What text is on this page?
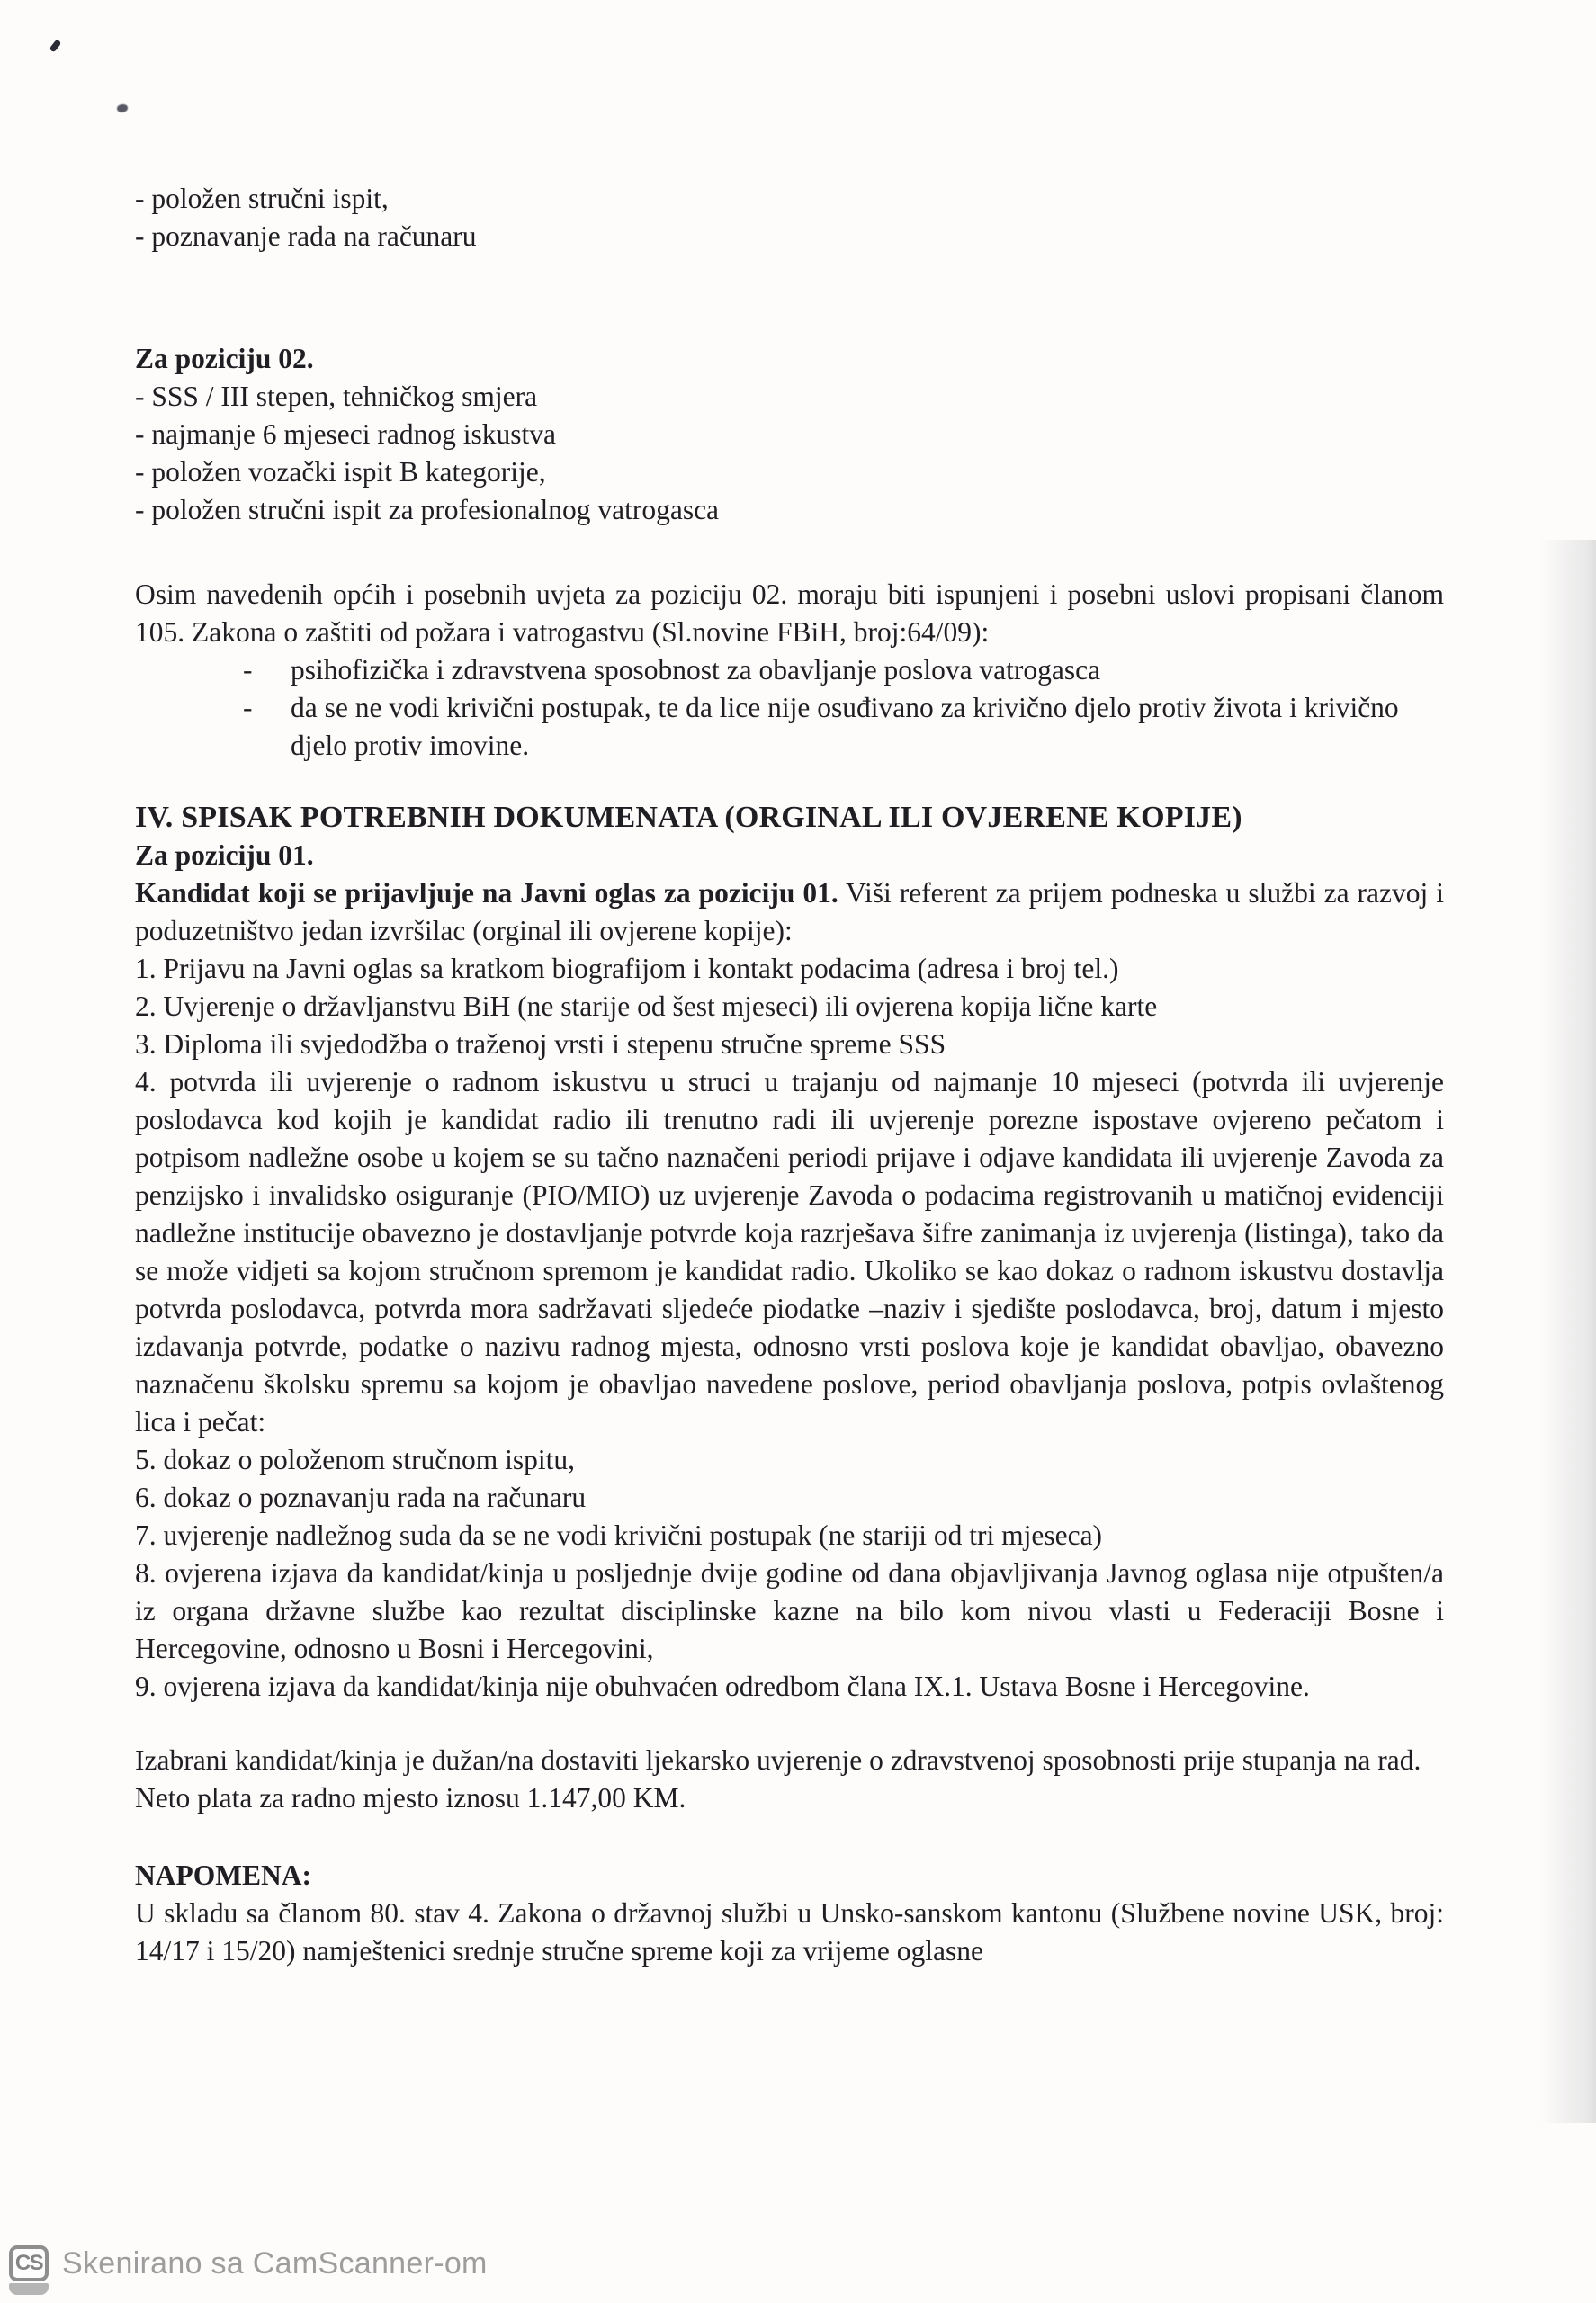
- položen stručni ispit,
- poznavanje rada na računaru
Za poziciju 02.
- SSS / III stepen, tehničkog smjera
- najmanje 6 mjeseci radnog iskustva
- položen vozački ispit B kategorije,
- položen stručni ispit za profesionalnog vatrogasca

Osim navedenih općih i posebnih uvjeta za poziciju 02. moraju biti ispunjeni i posebni uslovi propisani članom 105. Zakona o zaštiti od požara i vatrogastvu (Sl.novine FBiH, broj:64/09):

-	psihofizička i zdravstvena sposobnost za obavljanje poslova vatrogasca
-	da se ne vodi krivični postupak, te da lice nije osuđivano za krivično djelo protiv života i krivično djelo protiv imovine.
IV. SPISAK POTREBNIH DOKUMENATA (ORGINAL ILI OVJERENE KOPIJE)
Za poziciju 01.

Kandidat koji se prijavljuje na Javni oglas za poziciju 01. Viši referent za prijem podneska u službi za razvoj i poduzetništvo jedan izvršilac (orginal ili ovjerene kopije):

1. Prijavu na Javni oglas sa kratkom biografijom i kontakt podacima (adresa i broj tel.)

2. Uvjerenje o državljanstvu BiH (ne starije od šest mjeseci) ili ovjerena kopija lične karte

3. Diploma ili svjedodžba o traženoj vrsti i stepenu stručne spreme SSS

4. potvrda ili uvjerenje o radnom iskustvu u struci u trajanju od najmanje 10 mjeseci (potvrda ili uvjerenje poslodavca kod kojih je kandidat radio ili trenutno radi ili uvjerenje porezne ispostave ovjereno pečatom i potpisom nadležne osobe u kojem se su tačno naznačeni periodi prijave i odjave kandidata ili uvjerenje Zavoda za penzijsko i invalidsko osiguranje (PIO/MIO) uz uvjerenje Zavoda o podacima registrovanih u matičnoj evidenciji nadležne institucije obavezno je dostavljanje potvrde koja razrješava šifre zanimanja iz uvjerenja (listinga), tako da se može vidjeti sa kojom stručnom spremom je kandidat radio. Ukoliko se kao dokaz o radnom iskustvu dostavlja potvrda poslodavca, potvrda mora sadržavati sljedeće piodatke –naziv i sjedište poslodavca, broj, datum i mjesto izdavanja potvrde, podatke o nazivu radnog mjesta, odnosno vrsti poslova koje je kandidat obavljao, obavezno naznačenu školsku spremu sa kojom je obavljao navedene poslove, period obavljanja poslova, potpis ovlaštenog lica i pečat:

5. dokaz o položenom stručnom ispitu,

6. dokaz o poznavanju rada na računaru

7. uvjerenje nadležnog suda da se ne vodi krivični postupak (ne stariji od tri mjeseca)

8. ovjerena izjava da kandidat/kinja u posljednje dvije godine od dana objavljivanja Javnog oglasa nije otpušten/a iz organa državne službe kao rezultat disciplinske kazne na bilo kom nivou vlasti u Federaciji Bosne i Hercegovine, odnosno u Bosni i Hercegovini,

9. ovjerena izjava da kandidat/kinja nije obuhvaćen odredbom člana IX.1. Ustava Bosne i Hercegovine.

Izabrani kandidat/kinja je dužan/na dostaviti ljekarsko uvjerenje o zdravstvenoj sposobnosti prije stupanja na rad.

Neto plata za radno mjesto iznosu 1.147,00 KM.
NAPOMENA:

U skladu sa članom 80. stav 4. Zakona o državnoj službi u Unsko-sanskom kantonu (Službene novine USK, broj: 14/17 i 15/20) namještenici srednje stručne spreme koji za vrijeme oglasne

CS Skenirano sa CamScanner-om
